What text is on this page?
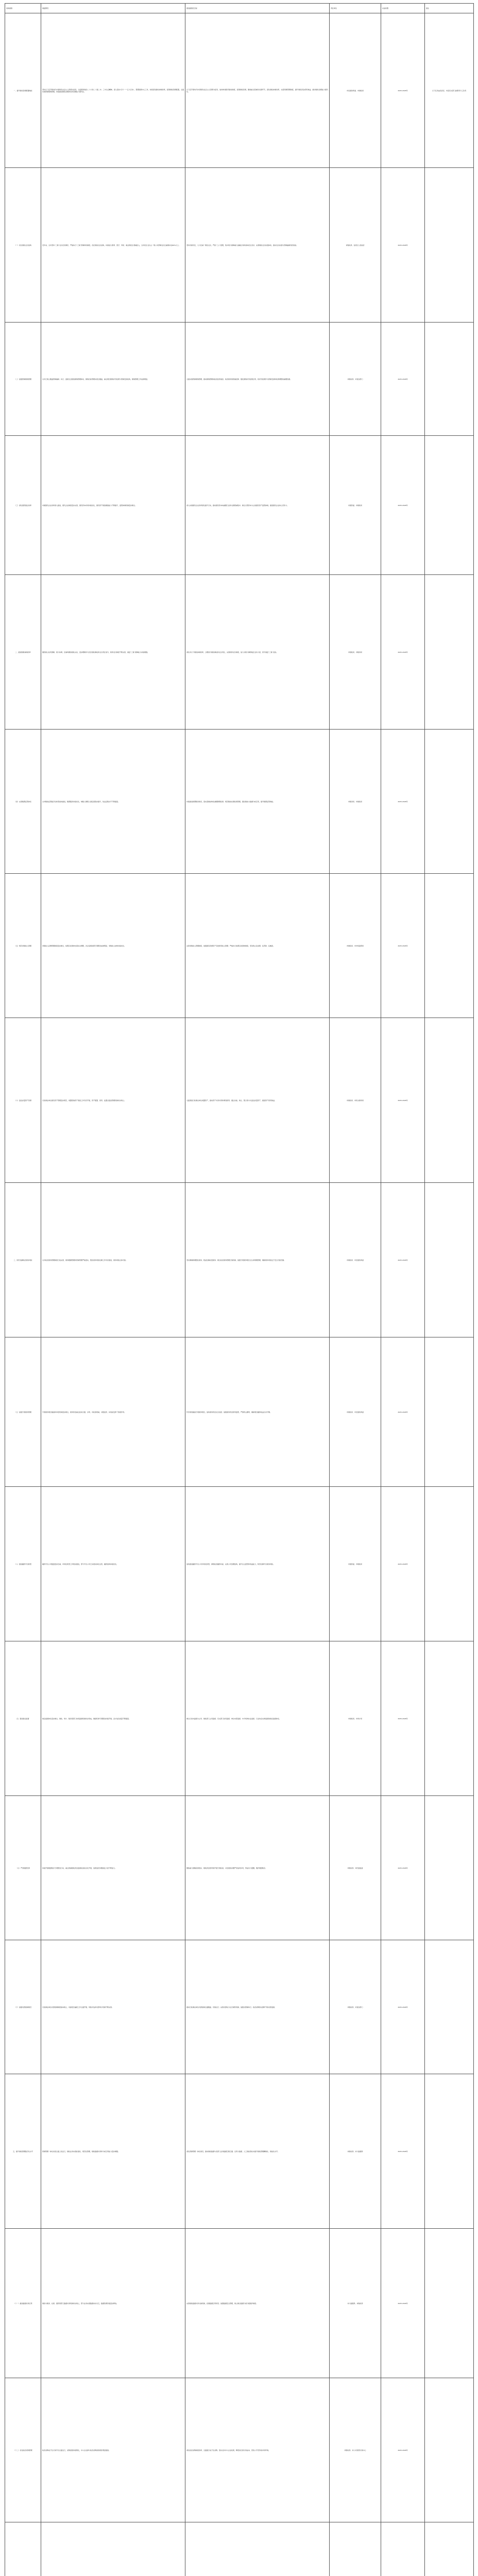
具体措施	基础情况	推进措施及目标	责任单位	完成时限	备注
一、提升财政资源配置效能	坚持以习近平新时代中国特色社会主义思想为指导，全面贯彻党的二十大和二十届二中、三中全会精神，深入落实“四个一”“五大行动”，紧紧围绕中心工作，持续深化财政体制改革，统筹财政资源配置，全面实施预算绩效管理，持续推进财政治理体系和治理能力现代化。	以习近平新时代中国特色社会主义思想为指导，加快构建现代财政制度，统筹财政资源，聚焦重点领域和关键环节，深化财政体制改革，完善预算管理制度，提升财政资金使用效益，推动财政治理能力现代化。	市发展改革委、市财政局	2025-2026年	以下任务由各县区、市直有关部门按职责分工负责
（一）优化财政支出结构	近年来，全市坚持“三保”支出优先顺序，严格执行“三保”预算审核制度，优化财政支出结构，持续加大教育、医疗、养老、就业等民生领域投入，全市民生支出占一般公共预算支出比重保持在80%以上。	坚持有保有压，大力压减一般性支出，严控“三公”经费，集中财力保障重大战略任务和基本民生需求；完善财政支出标准体系，推动支出标准与预算编制有机衔接。	市财政局、各县区人民政府	2025-2026年	
（二）加强预算绩效管理	全市已建立覆盖预算编制、执行、监督全过程的绩效管理体系，绩效目标管理实现全覆盖，重点项目绩效评价结果与预算安排挂钩，绩效管理工作成效明显。	全面实施预算绩效管理，推动绩效管理向政府投资基金、政府债务等领域延伸；强化绩效评价结果应用，将评价结果作为预算安排和政策调整的重要依据。	市财政局、市直各部门	2025-2026年	
（三）深化国资国企改革	市属国有企业改革深入推进，现代企业制度逐步完善，国有资本布局持续优化，国有资产保值增值能力不断提升，监管体制机制逐步健全。	深入实施国有企业改革深化提升行动，推动国有资本向重要行业和关键领域集中；健全以管资本为主的国有资产监管体制，提高国有企业核心竞争力。	市国资委、市财政局	2025-2026年	
二、推进财税体制改革	围绕建立权责清晰、财力协调、区域均衡的财政关系，逐步理顺市与县区财政事权和支出责任划分，转移支付制度不断完善，基层“三保”保障能力持续增强。	深化市以下财政体制改革，合理划分财政事权和支出责任，完善转移支付制度，加大对财力薄弱地区支持力度，兜牢基层“三保”底线。	市财政局、市税务局	2025-2026年	
（四）完善税费征管体系	全市税收征管数字化转型加快推进，税费服务持续优化，纳税人缴费人满意度稳步提升，依法征税水平不断提高。	持续推进智慧税务建设，落实落细结构性减税降费政策；规范税收优惠政策管理，强化税收大数据分析应用，提升税费征管效能。	市税务局、市财政局	2025-2026年	
（五）规范非税收入管理	非税收入征缴管理制度逐步健全，收费目录清单实现动态调整，涉企违规收费专项整治成效明显，非税收入结构持续优化。	完善非税收入管理制度，加强国有资源资产有偿使用收入管理；严格执行收费目录清单制度，坚决防止乱收费、乱罚款、乱摊派。	市财政局、市市场监管局	2025-2026年	
（六）盘活存量资产资源	行政事业单位国有资产管理逐步规范，闲置低效资产清查工作有序开展，资产配置、使用、处置全链条管理机制初步建立。	全面清查行政事业单位闲置资产，推动资产共享共用和调剂使用；通过出租、转让、整合等方式盘活存量资产，提高资产使用效益。	市财政局、市机关事务局	2025-2026年	
三、防范化解政府债务风险	全市政府债务管理制度日趋完善，债务限额管理和预算管理严格落实，隐性债务风险化解工作有序推进，债务风险总体可控。	坚决遏制新增隐性债务，稳妥化解存量债务；健全政府债务管理长效机制，加强专项债券项目全生命周期管理，确保债务风险处于安全可控范围。	市财政局、市发展改革委	2025-2026年	
（七）加强专项债券管理	专项债券项目储备和申报机制逐步健全，债券资金重点投向交通、水利、市政等领域，对稳投资、补短板发挥了积极作用。	科学谋划储备专项债券项目，加快债券资金支出进度；加强债券资金使用监管，严禁挤占挪用，确保项目融资收益自求平衡。	市财政局、市发展改革委	2025-2026年	
（八）推进融资平台转型	融资平台公司数量逐步压减，市场化转型工作稳步推进，部分平台公司已实现实体化运营，融资结构持续优化。	加快推进融资平台公司市场化转型，剥离政府融资功能；完善公司治理结构，提升自主经营和造血能力，防范化解平台债务风险。	市国资委、市财政局	2025-2026年	
四、强化财会监督	财会监督体系逐步健全，财政、审计、税务等部门协同监督机制初步形成，财经纪律专项整治持续开展，会计信息质量不断提高。	健全以党内监督为主导、财政部门主责监督、有关部门依责监督、单位内部监督、中介机构执业监督、行业协会自律监督的财会监督体系。	市财政局、市审计局	2025-2026年	
（九）严肃财经纪律	持续开展财经秩序专项整治行动，重点领域财政资金监督检查常态化开展，违规违纪问题查处力度不断加大。	聚焦重大财税政策落实、财政资金使用等开展专项检查；对发现的问题严肃追责问责，形成有力震慑，维护财经秩序。	市财政局、市纪委监委	2025-2026年	
（十）加强内部控制建设	行政事业单位内部控制制度基本建立，内控报告编报工作全面开展，风险评估和内部审计机制不断完善。	推动行政事业单位内部控制全面覆盖、有效运行；完善内部权力运行制约机制，加强对预算执行、政府采购等关键环节的内部监督。	市财政局、市直各部门	2025-2026年	
五、提升财政管理数字化水平	预算管理一体化系统全面上线运行，财政业务实现标准化、规范化管理，财政数据共享和分析应用能力逐步增强。	深化预算管理一体化建设，推动财政数据与各部门业务数据互联互通；运用大数据、人工智能等技术提升财政管理精细化、智能化水平。	市财政局、市大数据局	2025-2026年	
（十一）推进数据共享应用	财政与税务、社保、国资等部门数据共享机制初步建立，部分业务实现数据实时交互，数据资源价值逐步释放。	完善财政数据共享交换机制，拓展数据应用场景；加强数据安全管理，建立健全数据分类分级保护制度。	市大数据局、市财政局	2025-2026年	
（十二）优化政府采购管理	政府采购电子化交易平台全面运行，采购流程持续简化，中小企业参与政府采购的积极性明显提高。	深化政府采购制度改革，全面推行电子化采购；落实支持中小企业政策，降低供应商交易成本，营造公平竞争的市场环境。	市财政局、市公共资源交易中心	2025-2026年	
